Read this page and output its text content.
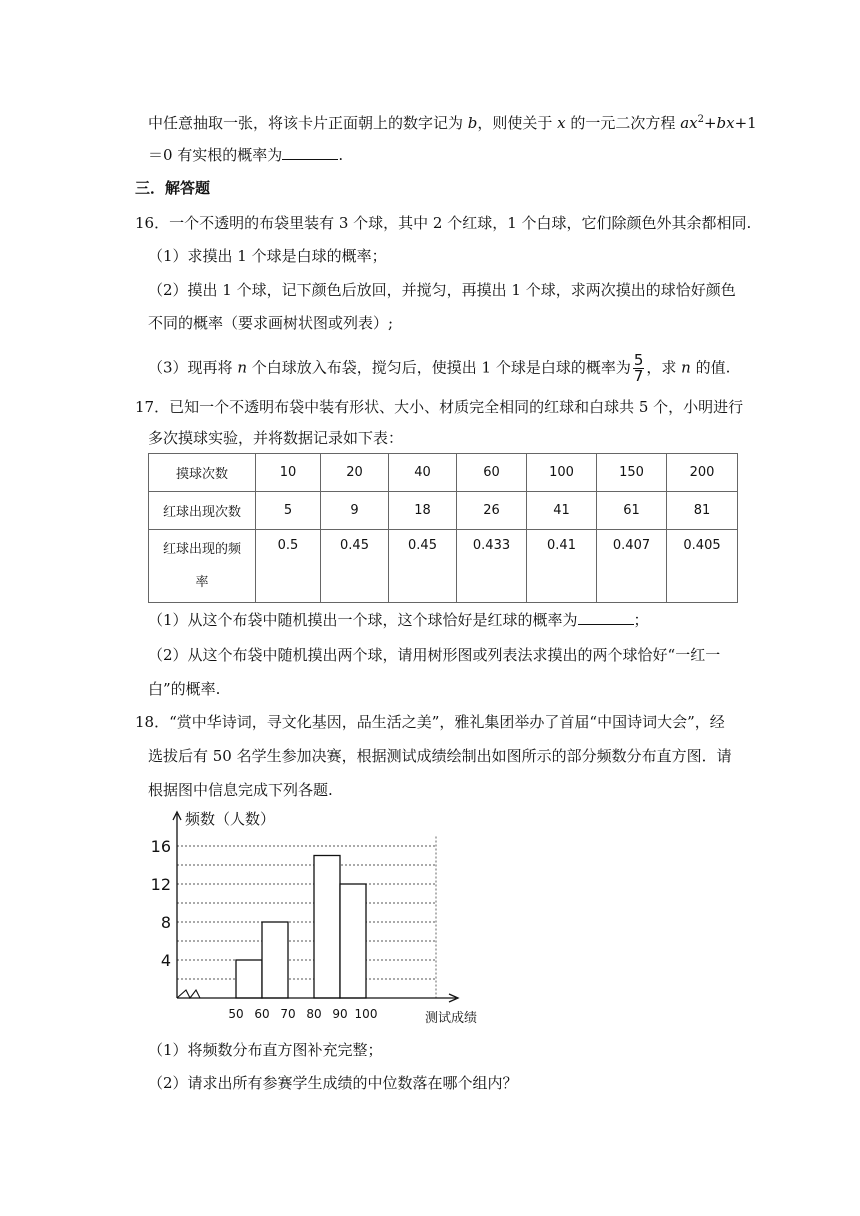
中任意抽取一张，将该卡片正面朝上的数字记为 b，则使关于 x 的一元二次方程 $ax^2+bx+1$
＝0 有实根的概率为	.
三．解答题
16．一个不透明的布袋里装有 3 个球，其中 2 个红球，1 个白球，它们除颜色外其余都相同.
（1）求摸出 1 个球是白球的概率；
（2）摸出 1 个球，记下颜色后放回，并搅匀，再摸出 1 个球，求两次摸出的球恰好颜色
不同的概率（要求画树状图或列表）;
（3）现再将 n 个白球放入布袋，搅匀后，使摸出 1 个球是白球的概率为 $\frac{5}{7}$ ，求 n 的值.
17．已知一个不透明布袋中装有形状、大小、材质完全相同的红球和白球共 5 个，小明进行
多次摸球实验，并将数据记录如下表：
摸球次数	10	20	40	60	100	150	200
红球出现次数	5	9	18	26	41	61	81
红球出现的频
率	0.5	0.45	0.45	0.433	0.41	0.407	0.405
（1）从这个布袋中随机摸出一个球，这个球恰好是红球的概率为	；
（2）从这个布袋中随机摸出两个球，请用树形图或列表法求摸出的两个球恰好“一红一
白”的概率.
18．“赏中华诗词，寻文化基因，品生活之美”，雅礼集团举办了首届“中国诗词大会”，经
选拔后有 50 名学生参加决赛，根据测试成绩绘制出如图所示的部分频数分布直方图．请
根据图中信息完成下列各题.
4
8
12
16
50 60 70 80 90 100
频数（人数）
测试成绩
（1）将频数分布直方图补充完整；
（2）请求出所有参赛学生成绩的中位数落在哪个组内？
